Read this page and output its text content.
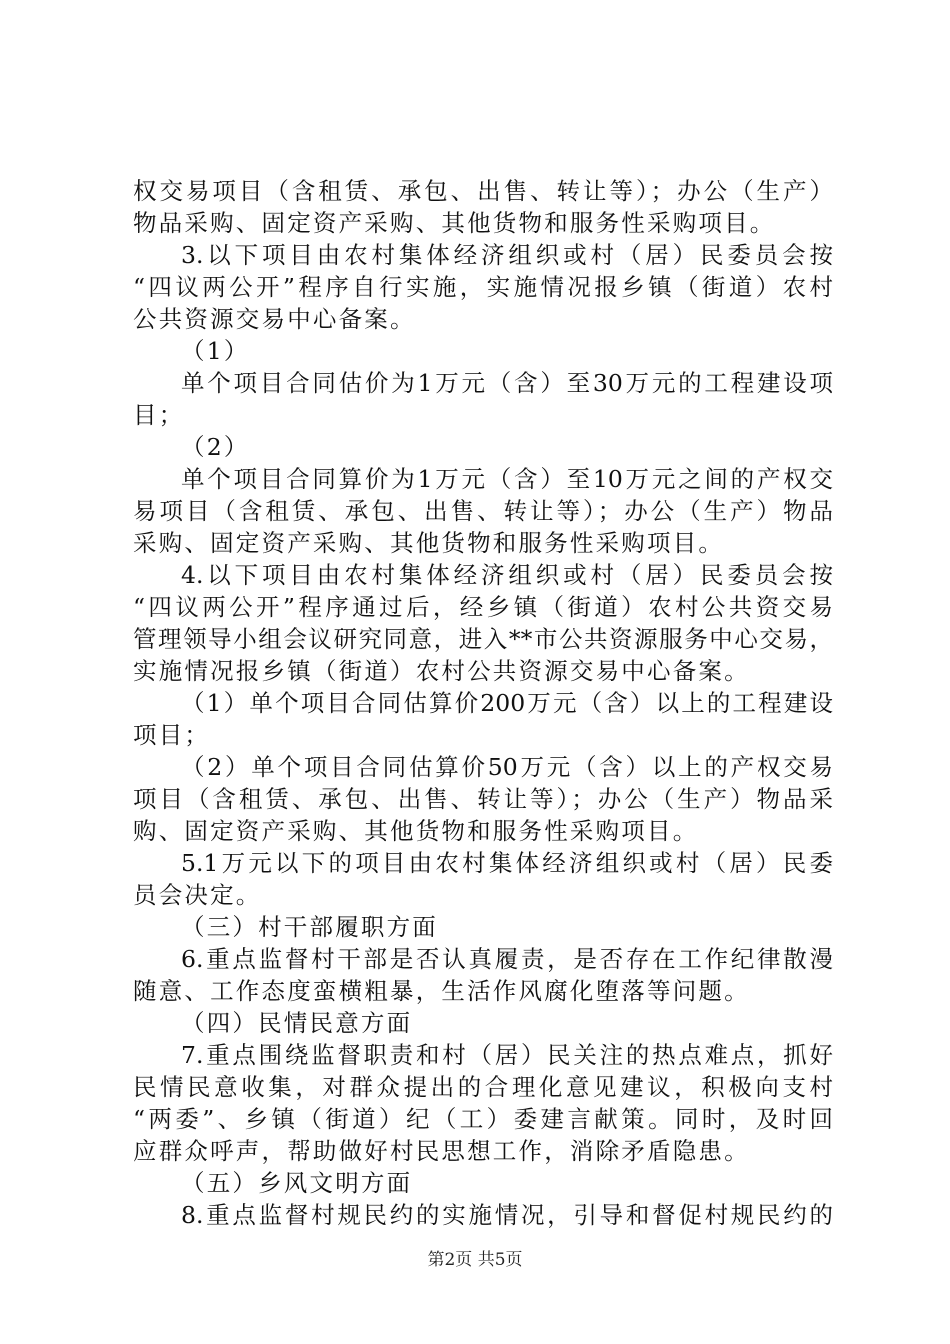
权交易项目（含租赁、承包、出售、转让等）；办公（生产）
物品采购、固定资产采购、其他货物和服务性采购项目。
3.以下项目由农村集体经济组织或村（居）民委员会按
“四议两公开”程序自行实施，实施情况报乡镇（街道）农村
公共资源交易中心备案。
（1）
单个项目合同估价为1万元（含）至30万元的工程建设项
目；
（2）
单个项目合同算价为1万元（含）至10万元之间的产权交
易项目（含租赁、承包、出售、转让等）；办公（生产）物品
采购、固定资产采购、其他货物和服务性采购项目。
4.以下项目由农村集体经济组织或村（居）民委员会按
“四议两公开”程序通过后，经乡镇（街道）农村公共资交易
管理领导小组会议研究同意，进入**市公共资源服务中心交易，
实施情况报乡镇（街道）农村公共资源交易中心备案。
（1）单个项目合同估算价200万元（含）以上的工程建设
项目；
（2）单个项目合同估算价50万元（含）以上的产权交易
项目（含租赁、承包、出售、转让等）；办公（生产）物品采
购、固定资产采购、其他货物和服务性采购项目。
5.1万元以下的项目由农村集体经济组织或村（居）民委
员会决定。
（三）村干部履职方面
6.重点监督村干部是否认真履责，是否存在工作纪律散漫
随意、工作态度蛮横粗暴，生活作风腐化堕落等问题。
（四）民情民意方面
7.重点围绕监督职责和村（居）民关注的热点难点，抓好
民情民意收集，对群众提出的合理化意见建议，积极向支村
“两委”、乡镇（街道）纪（工）委建言献策。同时，及时回
应群众呼声，帮助做好村民思想工作，消除矛盾隐患。
（五）乡风文明方面
8.重点监督村规民约的实施情况，引导和督促村规民约的
第2页 共5页
